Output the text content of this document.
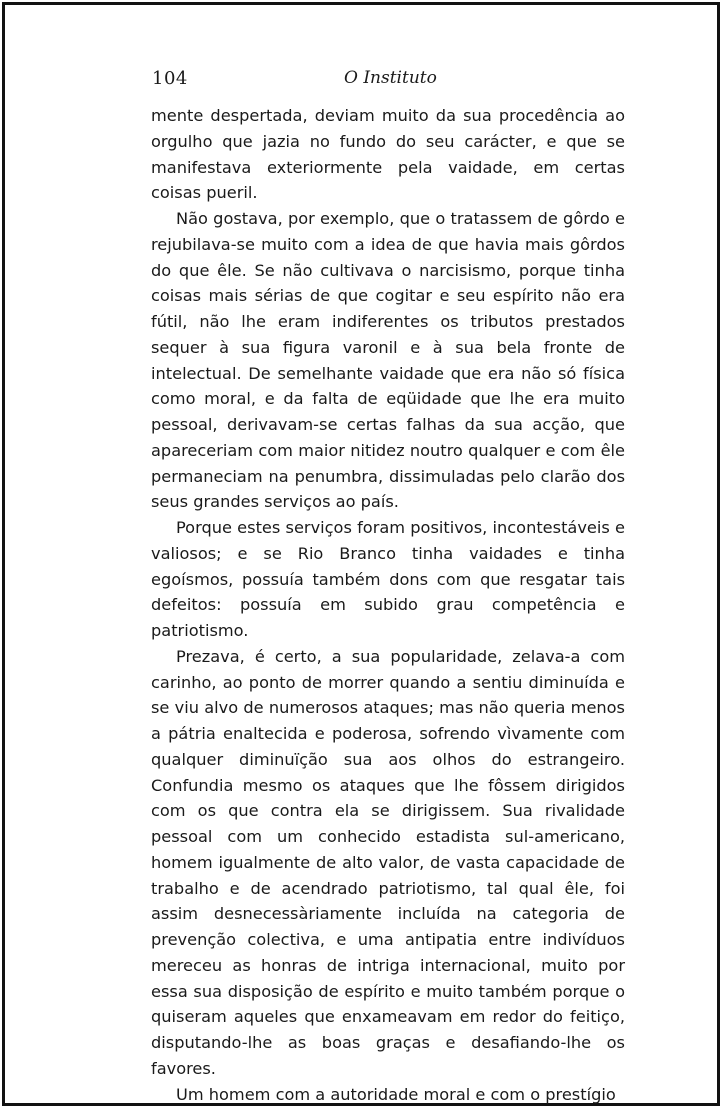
104	O Instituto

mente despertada, deviam muito da sua procedência ao orgulho que jazia no fundo do seu carácter, e que se manifestava exteriormente pela vaidade, em certas coisas pueril.

Não gostava, por exemplo, que o tratassem de gôrdo e rejubilava-se muito com a idea de que havia mais gôrdos do que êle. Se não cultivava o narcisismo, porque tinha coisas mais sérias de que cogitar e seu espírito não era fútil, não lhe eram indiferentes os tributos prestados sequer à sua figura varonil e à sua bela fronte de intelectual. De semelhante vaidade que era não só física como moral, e da falta de eqüidade que lhe era muito pessoal, derivavam-se certas falhas da sua acção, que apareceriam com maior nitidez noutro qualquer e com êle permaneciam na penumbra, dissimuladas pelo clarão dos seus grandes serviços ao país.

Porque estes serviços foram positivos, incontestáveis e valiosos; e se Rio Branco tinha vaidades e tinha egoísmos, possuía também dons com que resgatar tais defeitos: possuía em subido grau competência e patriotismo.

Prezava, é certo, a sua popularidade, zelava-a com carinho, ao ponto de morrer quando a sentiu diminuída e se viu alvo de numerosos ataques; mas não queria menos a pátria enaltecida e poderosa, sofrendo vìvamente com qualquer diminuïção sua aos olhos do estrangeiro. Confundia mesmo os ataques que lhe fôssem dirigidos com os que contra ela se dirigissem. Sua rivalidade pessoal com um conhecido estadista sul-americano, homem igualmente de alto valor, de vasta capacidade de trabalho e de acendrado patriotismo, tal qual êle, foi assim desnecessàriamente incluída na categoria de prevenção colectiva, e uma antipatia entre indivíduos mereceu as honras de intriga internacional, muito por essa sua disposição de espírito e muito também porque o quiseram aqueles que enxameavam em redor do feitiço, disputando-lhe as boas graças e desafiando-lhe os favores.

Um homem com a autoridade moral e com o prestígio
